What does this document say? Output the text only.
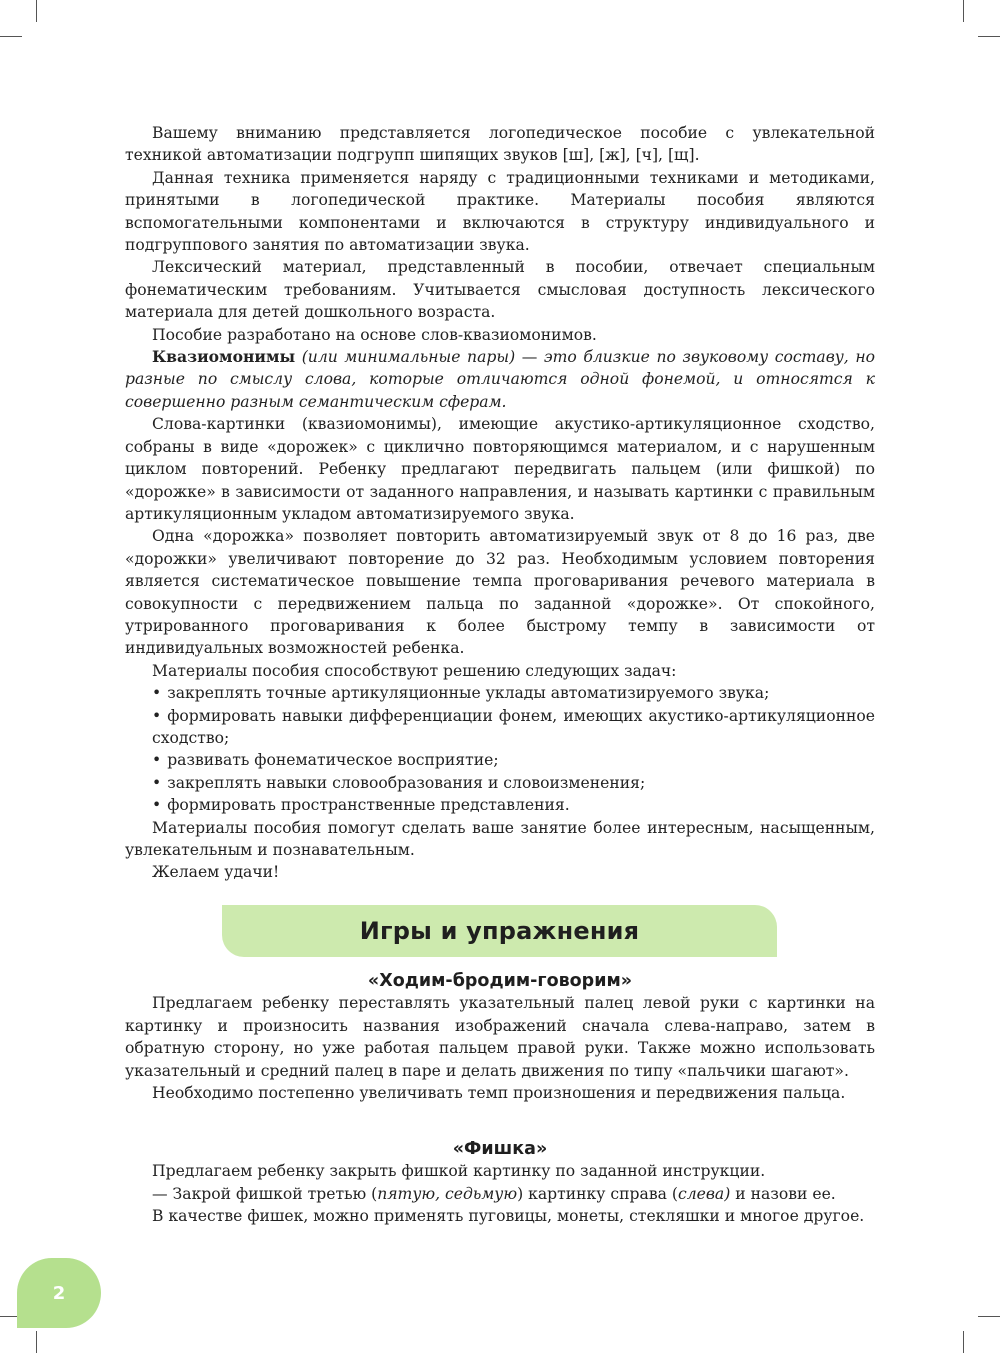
Вашему вниманию представляется логопедическое пособие с увлекательной техникой автоматизации подгрупп шипящих звуков [ш], [ж], [ч], [щ].

Данная техника применяется наряду с традиционными техниками и методиками, принятыми в логопедической практике. Материалы пособия являются вспомогательными компонентами и включаются в структуру индивидуального и подгруппового занятия по автоматизации звука.

Лексический материал, представленный в пособии, отвечает специальным фонематическим требованиям. Учитывается смысловая доступность лексического материала для детей дошкольного возраста.

Пособие разработано на основе слов-квазиомонимов.

Квазиомонимы (или минимальные пары) — это близкие по звуковому составу, но разные по смыслу слова, которые отличаются одной фонемой, и относятся к совершенно разным семантическим сферам.

Слова-картинки (квазиомонимы), имеющие акустико-артикуляционное сходство, собраны в виде «дорожек» с циклично повторяющимся материалом, и с нарушенным циклом повторений. Ребенку предлагают передвигать пальцем (или фишкой) по «дорожке» в зависимости от заданного направления, и называть картинки с правильным артикуляционным укладом автоматизируемого звука.

Одна «дорожка» позволяет повторить автоматизируемый звук от 8 до 16 раз, две «дорожки» увеличивают повторение до 32 раз. Необходимым условием повторения является систематическое повышение темпа проговаривания речевого материала в совокупности с передвижением пальца по заданной «дорожке». От спокойного, утрированного проговаривания к более быстрому темпу в зависимости от индивидуальных возможностей ребенка.

Материалы пособия способствуют решению следующих задач:

• закреплять точные артикуляционные уклады автоматизируемого звука;

• формировать навыки дифференциации фонем, имеющих акустико-артикуляционное сходство;

• развивать фонематическое восприятие;

• закреплять навыки словообразования и словоизменения;

• формировать пространственные представления.

Материалы пособия помогут сделать ваше занятие более интересным, насыщенным, увлекательным и познавательным.

Желаем удачи!

Игры и упражнения

«Ходим-бродим-говорим»

Предлагаем ребенку переставлять указательный палец левой руки с картинки на картинку и произносить названия изображений сначала слева-направо, затем в обратную сторону, но уже работая пальцем правой руки. Также можно использовать указательный и средний палец в паре и делать движения по типу «пальчики шагают».

Необходимо постепенно увеличивать темп произношения и передвижения пальца.

«Фишка»

Предлагаем ребенку закрыть фишкой картинку по заданной инструкции.

— Закрой фишкой третью (пятую, седьмую) картинку справа (слева) и назови ее.

В качестве фишек, можно применять пуговицы, монеты, стекляшки и многое другое.

2
